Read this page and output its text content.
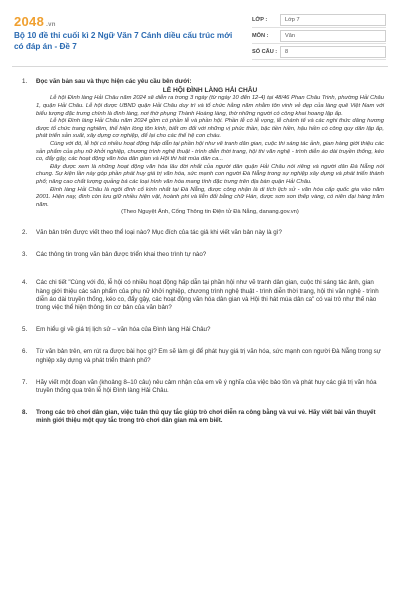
2048 .vn
Bộ 10 đề thi cuối kì 2 Ngữ Văn 7 Cánh diều cấu trúc mới có đáp án - Đề 7
LỚP :	Lớp 7
MÔN :	Văn
SỐ CÂU :	8
1. Đọc văn bản sau và thực hiện các yêu cầu bên dưới:
LỄ HỘI ĐÌNH LÀNG HẢI CHÂU

Lễ hội Đình làng Hải Châu năm 2024 sẽ diễn ra trong 3 ngày (từ ngày 10 đến 12-4) tại 48/46 Phan Châu Trinh, phường Hải Châu 1, quận Hải Châu. Lễ hội được UBND quận Hải Châu duy trì và tổ chức hằng năm nhằm tôn vinh vẻ đẹp của làng quê Việt Nam với biểu tượng đặc trưng chính là đình làng, nơi thờ phụng Thành Hoàng làng, thờ những người có công khai hoang lập ấp.

Lễ hội Đình làng Hải Châu năm 2024 gồm có phần lễ và phần hội. Phần lễ có lễ vọng, lễ chánh tế và các nghi thức dâng hương được tổ chức trang nghiêm, thể hiện lòng tôn kính, biết ơn đối với những vị phúc thần, bậc tiền hiền, hậu hiền có công quy dân lập ấp, phát triển sản xuất, xây dựng cơ nghiệp, để lại cho các thế hệ con cháu.

Cùng với đó, lễ hội có nhiều hoạt động hấp dẫn tại phần hội như vẽ tranh dân gian, cuộc thi sáng tác ảnh, gian hàng giới thiệu các sản phẩm của phụ nữ khởi nghiệp, chương trình nghệ thuật - trình diễn thời trang, hội thi văn nghệ - trình diễn áo dài truyền thống, kéo co, đẩy gậy, các hoạt động văn hóa dân gian và Hội thi hát múa dân ca...

Đây được xem là những hoạt động văn hóa lâu đời nhất của người dân quận Hải Châu nói riêng và người dân Đà Nẵng nói chung. Sự kiện lần này góp phần phát huy giá trị văn hóa, sức mạnh con người Đà Nẵng trong sự nghiệp xây dựng và phát triển thành phố; nâng cao chất lượng quảng bá các loại hình văn hóa mang tính đặc trưng trên địa bàn quận Hải Châu.

Đình làng Hải Châu là ngôi đình cổ kính nhất tại Đà Nẵng, được công nhận là di tích lịch sử - văn hóa cấp quốc gia vào năm 2001. Hiện nay, đình còn lưu giữ nhiều hiện vật, hoành phi và liễn đối bằng chữ Hán, được sơn son thếp vàng, có niên đại hàng trăm năm.

(Theo Nguyệt Ánh, Cổng Thông tin Điện tử Đà Nẵng, danang.gov.vn)

2. Văn bản trên được viết theo thể loại nào? Mục đích của tác giả khi viết văn bản này là gì?
3. Các thông tin trong văn bản được triển khai theo trình tự nào?
4. Các chi tiết "Cùng với đó, lễ hội có nhiều hoạt động hấp dẫn tại phần hội như vẽ tranh dân gian, cuộc thi sáng tác ảnh, gian hàng giới thiệu các sản phẩm của phụ nữ khởi nghiệp, chương trình nghệ thuật - trình diễn thời trang, hội thi văn nghệ - trình diễn áo dài truyền thống, kéo co, đẩy gậy, các hoạt động văn hóa dân gian và Hội thi hát múa dân ca" có vai trò như thế nào trong việc thể hiện thông tin cơ bản của văn bản?
5. Em hiểu gì về giá trị lịch sử – văn hóa của Đình làng Hải Châu?
6. Từ văn bản trên, em rút ra được bài học gì? Em sẽ làm gì để phát huy giá trị văn hóa, sức mạnh con người Đà Nẵng trong sự nghiệp xây dựng và phát triển thành phố?
7. Hãy viết một đoạn văn (khoảng 8–10 câu) nêu cảm nhận của em về ý nghĩa của việc bảo tồn và phát huy các giá trị văn hóa truyền thống qua trên lễ hội Đình làng Hải Châu.
8. Trong các trò chơi dân gian, việc tuân thủ quy tắc giúp trò chơi diễn ra công bằng và vui vẻ. Hãy viết bài văn thuyết minh giới thiệu một quy tắc trong trò chơi dân gian mà em biết.
